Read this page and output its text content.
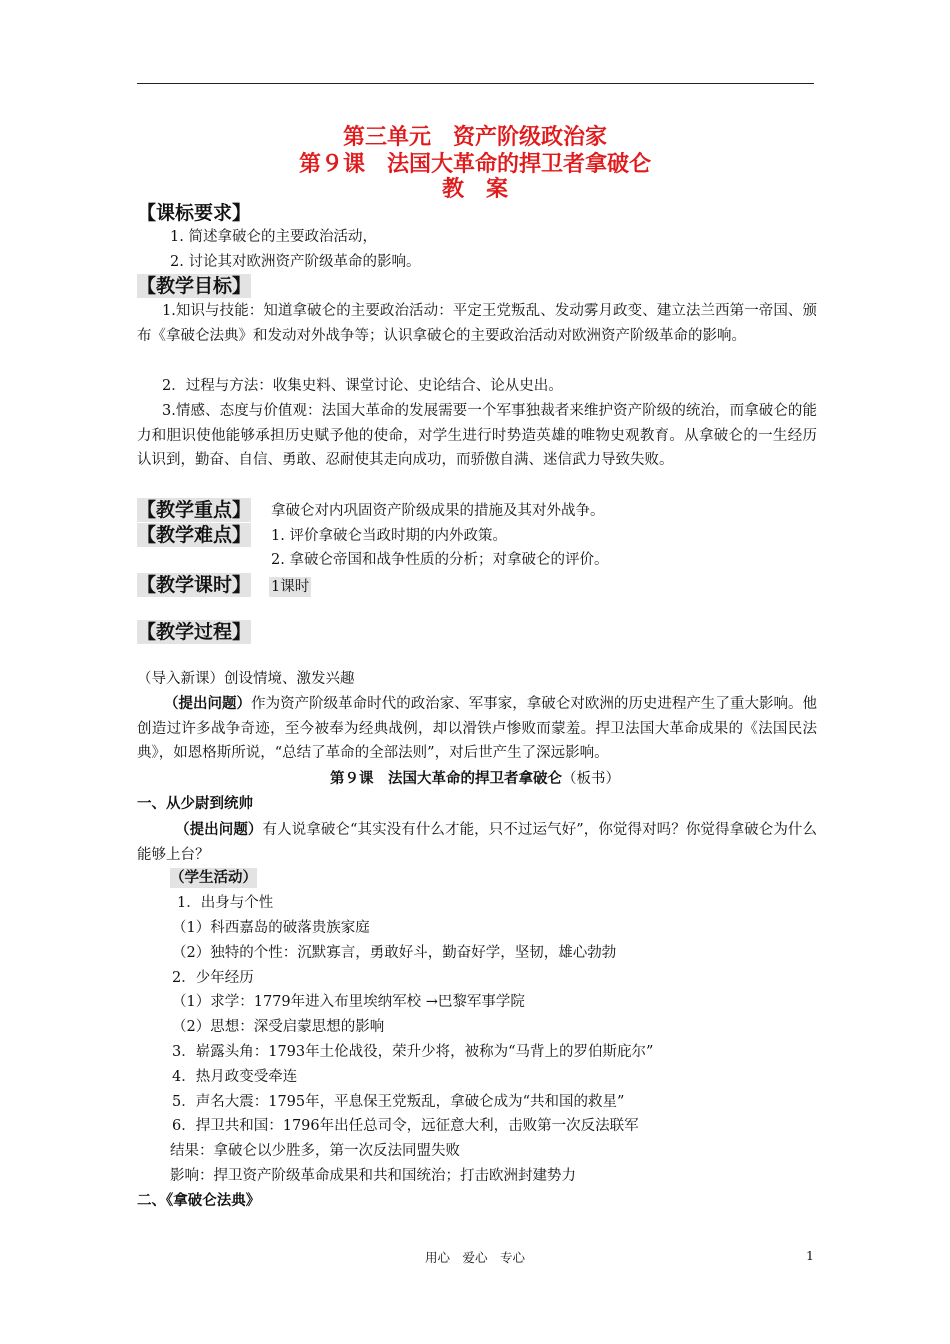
第三单元　资产阶级政治家
第９课　法国大革命的捍卫者拿破仑
教　案
【课标要求】
1. 简述拿破仑的主要政治活动，
2. 讨论其对欧洲资产阶级革命的影响。
【教学目标】
1.知识与技能：知道拿破仑的主要政治活动：平定王党叛乱、发动雾月政变、建立法兰西第一帝国、颁布《拿破仑法典》和发动对外战争等；认识拿破仑的主要政治活动对欧洲资产阶级革命的影响。
2．过程与方法：收集史料、课堂讨论、史论结合、论从史出。
3.情感、态度与价值观：法国大革命的发展需要一个军事独裁者来维护资产阶级的统治，而拿破仑的能力和胆识使他能够承担历史赋予他的使命，对学生进行时势造英雄的唯物史观教育。从拿破仑的一生经历认识到，勤奋、自信、勇敢、忍耐使其走向成功，而骄傲自满、迷信武力导致失败。
【教学重点】 拿破仑对内巩固资产阶级成果的措施及其对外战争。
【教学难点】 1. 评价拿破仑当政时期的内外政策。
2. 拿破仑帝国和战争性质的分析；对拿破仑的评价。
【教学课时】 1课时
【教学过程】
（导入新课）创设情境、激发兴趣
（提出问题）作为资产阶级革命时代的政治家、军事家，拿破仑对欧洲的历史进程产生了重大影响。他创造过许多战争奇迹，至今被奉为经典战例，却以滑铁卢惨败而蒙羞。捍卫法国大革命成果的《法国民法典》，如恩格斯所说，“总结了革命的全部法则”，对后世产生了深远影响。
第９课　法国大革命的捍卫者拿破仑（板书）
一、从少尉到统帅
（提出问题）有人说拿破仑“其实没有什么才能，只不过运气好”，你觉得对吗？你觉得拿破仑为什么能够上台？
（学生活动）
1．出身与个性
（1）科西嘉岛的破落贵族家庭
（2）独特的个性：沉默寡言，勇敢好斗，勤奋好学，坚韧，雄心勃勃
2．少年经历
（1）求学：1779年进入布里埃纳军校 →巴黎军事学院
（2）思想：深受启蒙思想的影响
3．崭露头角：1793年土伦战役，荣升少将，被称为“马背上的罗伯斯庇尔”
4．热月政变受牵连
5．声名大震：1795年，平息保王党叛乱，拿破仑成为“共和国的救星”
6．捍卫共和国：1796年出任总司令，远征意大利，击败第一次反法联军
结果：拿破仑以少胜多，第一次反法同盟失败
影响：捍卫资产阶级革命成果和共和国统治；打击欧洲封建势力
二、《拿破仑法典》
用心　爱心　专心	1
